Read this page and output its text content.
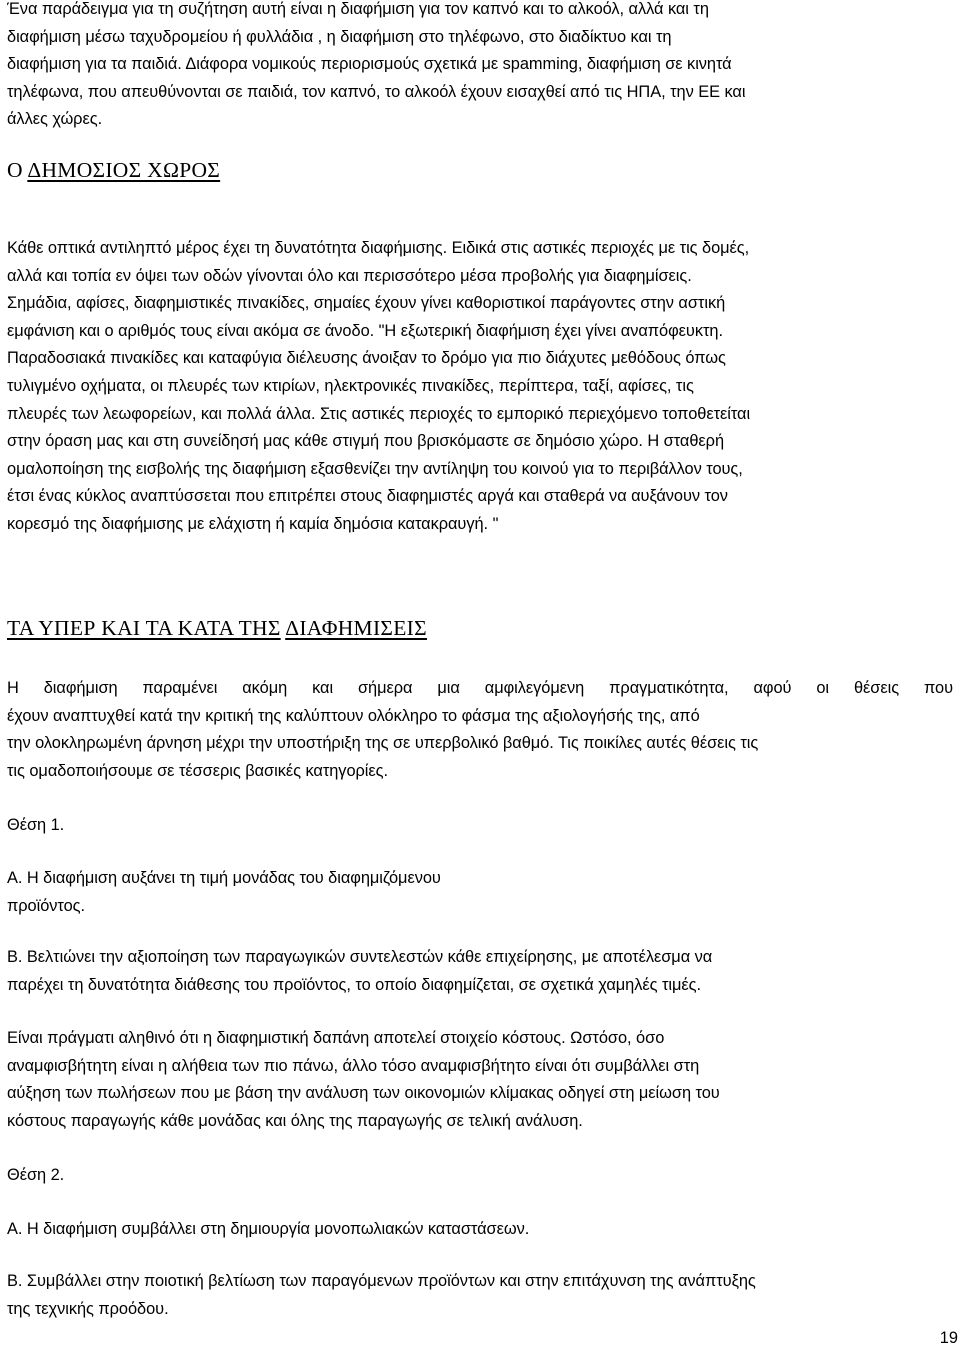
Ένα παράδειγμα για τη συζήτηση αυτή είναι η διαφήμιση για τον καπνό και το αλκοόλ, αλλά και τη
διαφήμιση μέσω ταχυδρομείου ή φυλλάδια , η διαφήμιση στο τηλέφωνο, στο διαδίκτυο και τη
διαφήμιση για τα παιδιά. Διάφορα νομικούς περιορισμούς σχετικά με spamming, διαφήμιση σε κινητά
τηλέφωνα, που απευθύνονται σε παιδιά, τον καπνό, το αλκοόλ έχουν εισαχθεί από τις ΗΠΑ, την ΕΕ και
άλλες χώρες.
Ο ΔΗΜΟΣΙΟΣ ΧΩΡΟΣ
Κάθε οπτικά αντιληπτό μέρος έχει τη δυνατότητα διαφήμισης. Ειδικά στις αστικές περιοχές με τις δομές,
αλλά και τοπία εν όψει των οδών γίνονται όλο και περισσότερο μέσα προβολής για διαφημίσεις.
Σημάδια, αφίσες, διαφημιστικές πινακίδες, σημαίες έχουν γίνει καθοριστικοί παράγοντες στην αστική
εμφάνιση και ο αριθμός τους είναι ακόμα σε άνοδο. "Η εξωτερική διαφήμιση έχει γίνει αναπόφευκτη.
Παραδοσιακά πινακίδες και καταφύγια διέλευσης άνοιξαν το δρόμο για πιο διάχυτες μεθόδους όπως
τυλιγμένο οχήματα, οι πλευρές των κτιρίων, ηλεκτρονικές πινακίδες, περίπτερα, ταξί, αφίσες, τις
πλευρές των λεωφορείων, και πολλά άλλα. Στις αστικές περιοχές το εμπορικό περιεχόμενο τοποθετείται
στην όραση μας και στη συνείδησή μας κάθε στιγμή που βρισκόμαστε σε δημόσιο χώρο. Η σταθερή
ομαλοποίηση της εισβολής της διαφήμιση εξασθενίζει την αντίληψη του κοινού για το περιβάλλον τους,
έτσι ένας κύκλος αναπτύσσεται που επιτρέπει στους διαφημιστές αργά και σταθερά να αυξάνουν τον
κορεσμό της διαφήμισης με ελάχιστη ή καμία δημόσια κατακραυγή. "
ΤΑ ΥΠΕΡ ΚΑΙ ΤΑ ΚΑΤΑ ΤΗΣ ΔΙΑΦΗΜΙΣΕΙΣ
Η διαφήμιση παραμένει ακόμη και σήμερα μια αμφιλεγόμενη πραγματικότητα, αφού οι θέσεις που
έχουν αναπτυχθεί κατά την κριτική της καλύπτουν ολόκληρο το φάσμα της αξιολογήσής της, από
την ολοκληρωμένη άρνηση μέχρι την υποστήριξη της σε υπερβολικό βαθμό. Τις ποικίλες αυτές θέσεις τις
τις ομαδοποιήσουμε σε τέσσερις βασικές κατηγορίες.
Θέση 1.
Α. Η διαφήμιση αυξάνει τη τιμή μονάδας του διαφημιζόμενου
προϊόντος.
Β. Βελτιώνει την αξιοποίηση των παραγωγικών συντελεστών κάθε επιχείρησης, με αποτέλεσμα να
παρέχει τη δυνατότητα διάθεσης του προϊόντος, το οποίο διαφημίζεται, σε σχετικά χαμηλές τιμές.
Είναι πράγματι αληθινό ότι η διαφημιστική δαπάνη αποτελεί στοιχείο κόστους. Ωστόσο, όσο
αναμφισβήτητη είναι η αλήθεια των πιο πάνω, άλλο τόσο αναμφισβήτητο είναι ότι συμβάλλει στη
αύξηση των πωλήσεων που με βάση την ανάλυση των οικονομιών κλίμακας οδηγεί στη μείωση του
κόστους παραγωγής κάθε μονάδας και όλης της παραγωγής σε τελική ανάλυση.
Θέση 2.
Α. Η διαφήμιση συμβάλλει στη δημιουργία μονοπωλιακών καταστάσεων.
Β. Συμβάλλει στην ποιοτική βελτίωση των παραγόμενων προϊόντων και στην επιτάχυνση της ανάπτυξης
της τεχνικής προόδου.
19
